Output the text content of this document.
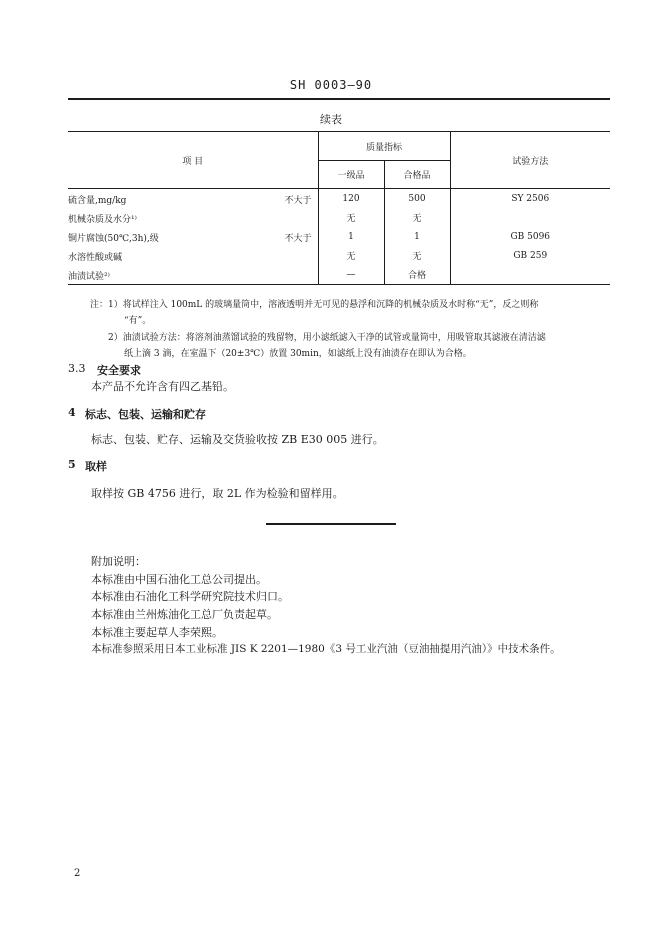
SH 0003—90
续表
项 目	质量指标		试验方法
	一级品	合格品	

硫含量,mg/kg 不大于	120	500	SY 2506

机械杂质及水分¹⁾	无	无	

铜片腐蚀(50℃,3h),级 不大于	1	1	GB 5096

水溶性酸或碱	无	无	GB 259

油渍试验²⁾	—	合格	
注：1）将试样注入 100mL 的玻璃量筒中，溶液透明并无可见的悬浮和沉降的机械杂质及水时称“无”，反之则称
“有”。
2）油渍试验方法：将溶剂油蒸馏试验的残留物，用小滤纸滤入干净的试管或量筒中，用吸管取其滤液在清洁滤
纸上滴 3 滴，在室温下（20±3℃）放置 30min，如滤纸上没有油渍存在即认为合格。
3.3 安全要求
本产品不允许含有四乙基铅。
4 标志、包装、运输和贮存
标志、包装、贮存、运输及交货验收按 ZB E30 005 进行。
5 取样
取样按 GB 4756 进行，取 2L 作为检验和留样用。
附加说明：
本标准由中国石油化工总公司提出。
本标准由石油化工科学研究院技术归口。
本标准由兰州炼油化工总厂负责起草。
本标准主要起草人李荣熙。
本标准参照采用日本工业标准 JIS K 2201—1980《3 号工业汽油（豆油抽提用汽油）》中技术条件。
2
